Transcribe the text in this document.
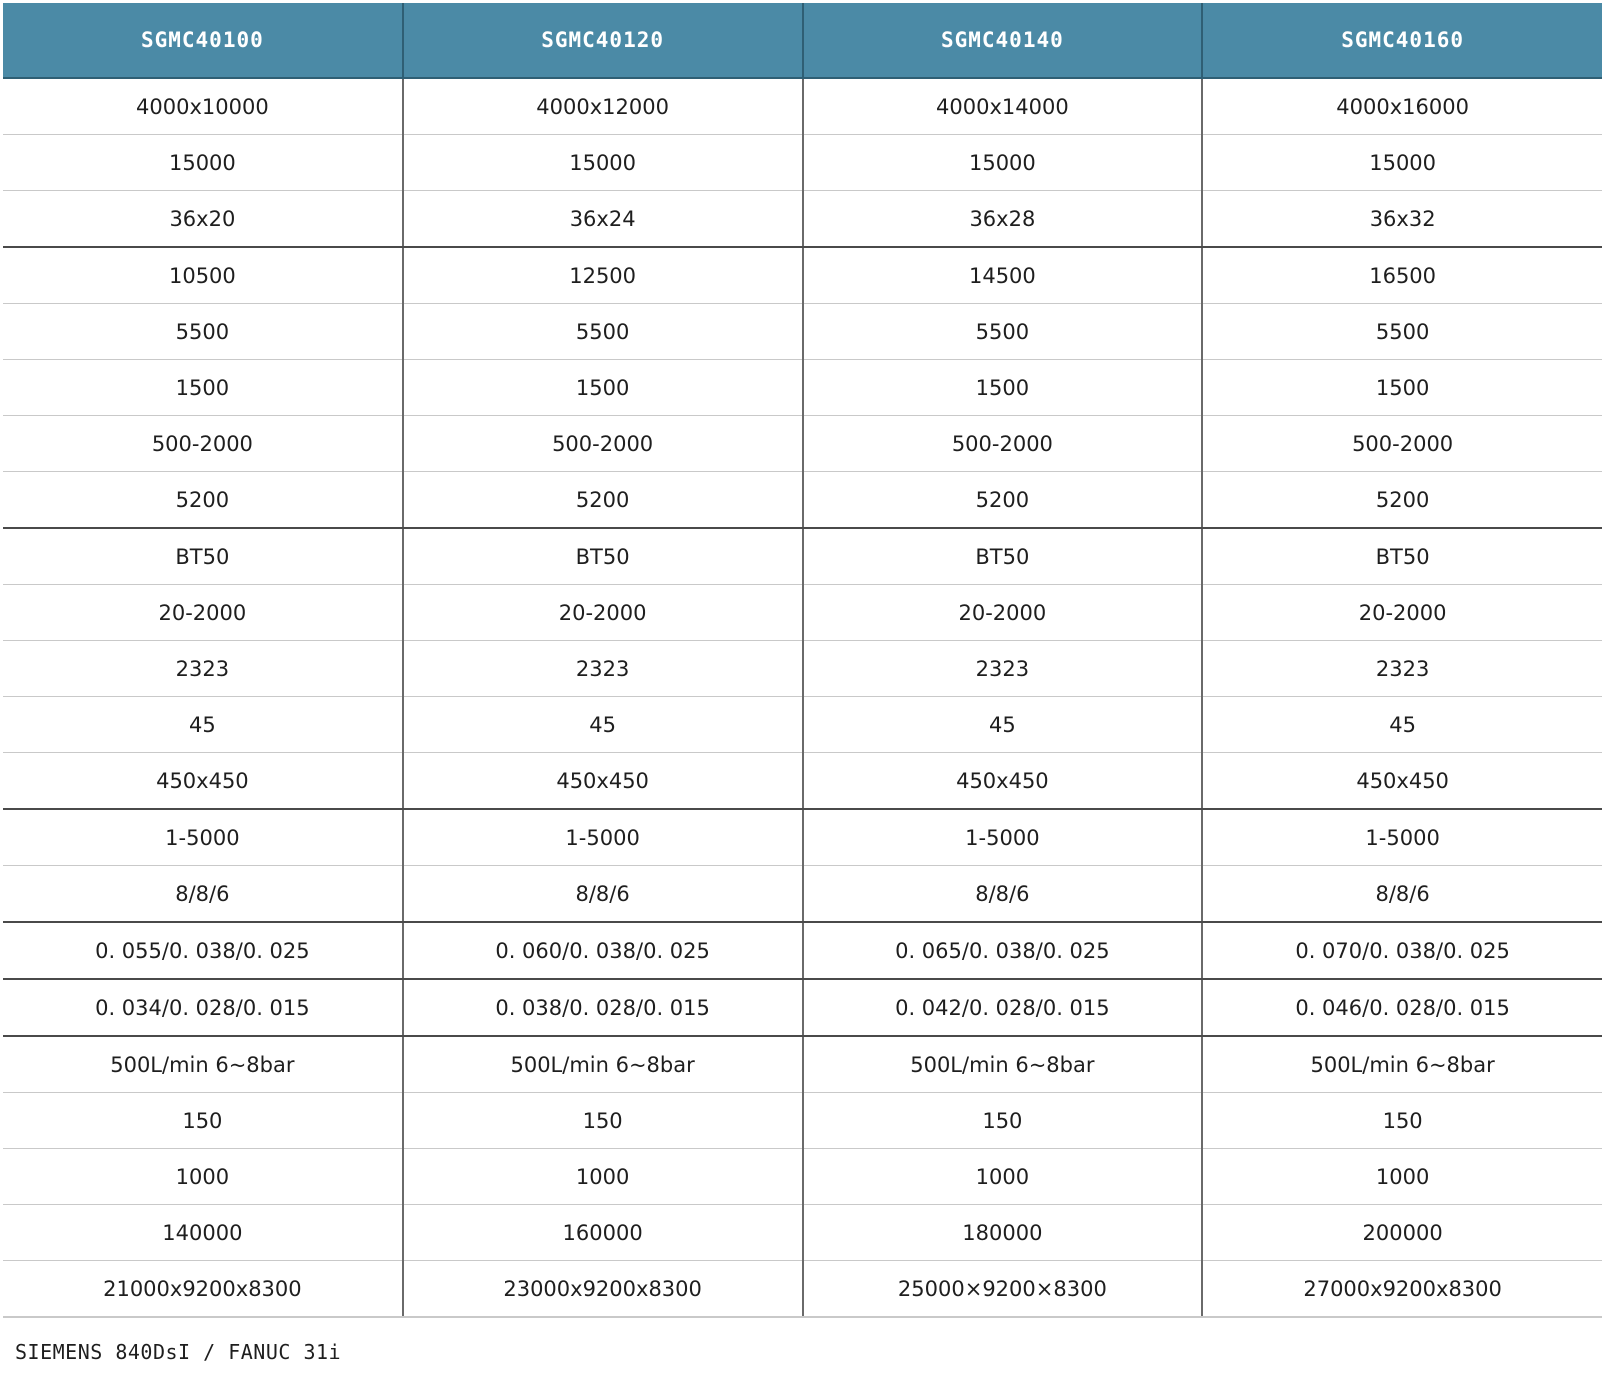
SGMC40100	SGMC40120	SGMC40140	SGMC40160
4000x10000	4000x12000	4000x14000	4000x16000
15000	15000	15000	15000
36x20	36x24	36x28	36x32
10500	12500	14500	16500
5500	5500	5500	5500
1500	1500	1500	1500
500-2000	500-2000	500-2000	500-2000
5200	5200	5200	5200
BT50	BT50	BT50	BT50
20-2000	20-2000	20-2000	20-2000
2323	2323	2323	2323
45	45	45	45
450x450	450x450	450x450	450x450
1-5000	1-5000	1-5000	1-5000
8/8/6	8/8/6	8/8/6	8/8/6
0. 055/0. 038/0. 025	0. 060/0. 038/0. 025	0. 065/0. 038/0. 025	0. 070/0. 038/0. 025
0. 034/0. 028/0. 015	0. 038/0. 028/0. 015	0. 042/0. 028/0. 015	0. 046/0. 028/0. 015
500L/min 6~8bar	500L/min 6~8bar	500L/min 6~8bar	500L/min 6~8bar
150	150	150	150
1000	1000	1000	1000
140000	160000	180000	200000
21000x9200x8300	23000x9200x8300	25000×9200×8300	27000x9200x8300
SIEMENS 840DsI / FANUC 31i
